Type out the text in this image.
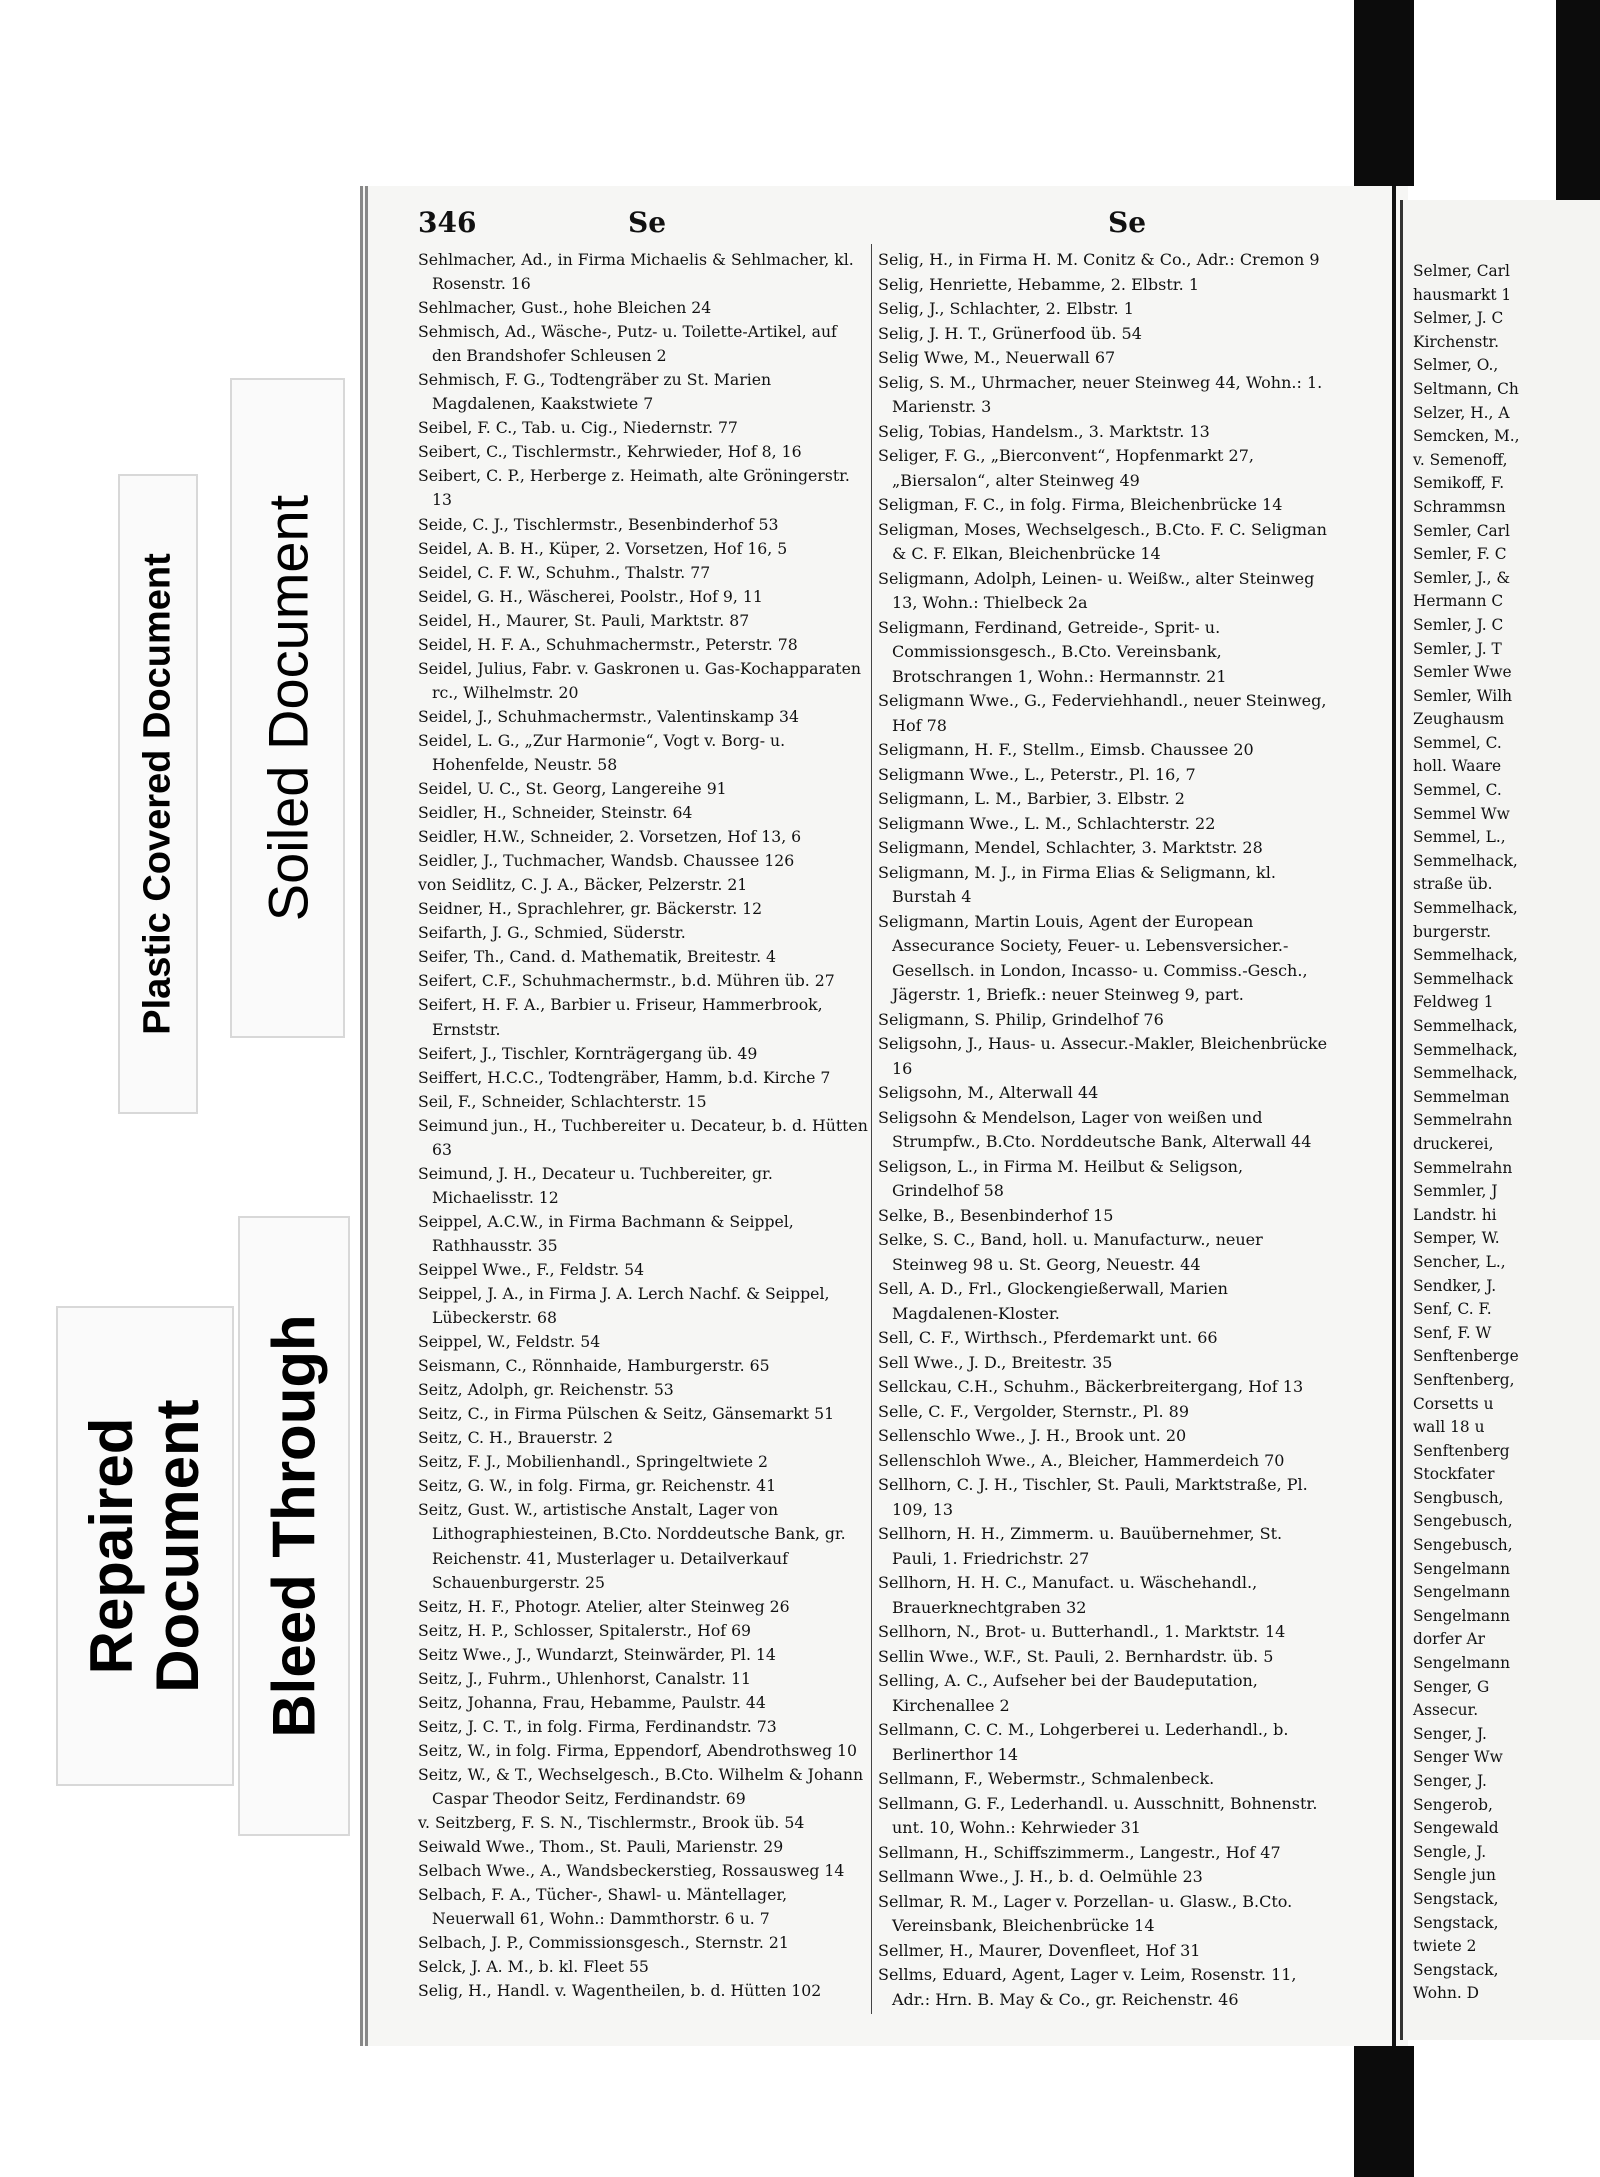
Plastic Covered Document Soiled Document
Repaired Document Bleed Through
346	Se	Se
Sehlmacher, Ad., in Firma Michaelis & Sehlmacher, kl. Rosenstr. 16
Sehlmacher, Gust., hohe Bleichen 24
Sehmisch, Ad., Wäsche-, Putz- u. Toilette-Artikel, auf den Brandshofer Schleusen 2
Sehmisch, F. G., Todtengräber zu St. Marien Magdalenen, Kaakstwiete 7
Seibel, F. C., Tab. u. Cig., Niedernstr. 77
Seibert, C., Tischlermstr., Kehrwieder, Hof 8, 16
Seibert, C. P., Herberge z. Heimath, alte Gröningerstr. 13
Seide, C. J., Tischlermstr., Besenbinderhof 53
Seidel, A. B. H., Küper, 2. Vorsetzen, Hof 16, 5
Seidel, C. F. W., Schuhm., Thalstr. 77
Seidel, G. H., Wäscherei, Poolstr., Hof 9, 11
Seidel, H., Maurer, St. Pauli, Marktstr. 87
Seidel, H. F. A., Schuhmachermstr., Peterstr. 78
Seidel, Julius, Fabr. v. Gaskronen u. Gas-Kochapparaten rc., Wilhelmstr. 20
Seidel, J., Schuhmachermstr., Valentinskamp 34
Seidel, L. G., „Zur Harmonie“, Vogt v. Borg- u. Hohenfelde, Neustr. 58
Seidel, U. C., St. Georg, Langereihe 91
Seidler, H., Schneider, Steinstr. 64
Seidler, H.W., Schneider, 2. Vorsetzen, Hof 13, 6
Seidler, J., Tuchmacher, Wandsb. Chaussee 126
von Seidlitz, C. J. A., Bäcker, Pelzerstr. 21
Seidner, H., Sprachlehrer, gr. Bäckerstr. 12
Seifarth, J. G., Schmied, Süderstr.
Seifer, Th., Cand. d. Mathematik, Breitestr. 4
Seifert, C.F., Schuhmachermstr., b.d. Mühren üb. 27
Seifert, H. F. A., Barbier u. Friseur, Hammerbrook, Ernststr.
Seifert, J., Tischler, Kornträgergang üb. 49
Seiffert, H.C.C., Todtengräber, Hamm, b.d. Kirche 7
Seil, F., Schneider, Schlachterstr. 15
Seimund jun., H., Tuchbereiter u. Decateur, b. d. Hütten 63
Seimund, J. H., Decateur u. Tuchbereiter, gr. Michaelisstr. 12
Seippel, A.C.W., in Firma Bachmann & Seippel, Rathhausstr. 35
Seippel Wwe., F., Feldstr. 54
Seippel, J. A., in Firma J. A. Lerch Nachf. & Seippel, Lübeckerstr. 68
Seippel, W., Feldstr. 54
Seismann, C., Rönnhaide, Hamburgerstr. 65
Seitz, Adolph, gr. Reichenstr. 53
Seitz, C., in Firma Pülschen & Seitz, Gänsemarkt 51
Seitz, C. H., Brauerstr. 2
Seitz, F. J., Mobilienhandl., Springeltwiete 2
Seitz, G. W., in folg. Firma, gr. Reichenstr. 41
Seitz, Gust. W., artistische Anstalt, Lager von Lithographiesteinen, B.Cto. Norddeutsche Bank, gr. Reichenstr. 41, Musterlager u. Detailverkauf Schauenburgerstr. 25
Seitz, H. F., Photogr. Atelier, alter Steinweg 26
Seitz, H. P., Schlosser, Spitalerstr., Hof 69
Seitz Wwe., J., Wundarzt, Steinwärder, Pl. 14
Seitz, J., Fuhrm., Uhlenhorst, Canalstr. 11
Seitz, Johanna, Frau, Hebamme, Paulstr. 44
Seitz, J. C. T., in folg. Firma, Ferdinandstr. 73
Seitz, W., in folg. Firma, Eppendorf, Abendrothsweg 10
Seitz, W., & T., Wechselgesch., B.Cto. Wilhelm & Johann Caspar Theodor Seitz, Ferdinandstr. 69
v. Seitzberg, F. S. N., Tischlermstr., Brook üb. 54
Seiwald Wwe., Thom., St. Pauli, Marienstr. 29
Selbach Wwe., A., Wandsbeckerstieg, Rossausweg 14
Selbach, F. A., Tücher-, Shawl- u. Mäntellager, Neuerwall 61, Wohn.: Dammthorstr. 6 u. 7
Selbach, J. P., Commissionsgesch., Sternstr. 21
Selck, J. A. M., b. kl. Fleet 55
Selig, H., Handl. v. Wagentheilen, b. d. Hütten 102
Selig, H., in Firma H. M. Conitz & Co., Adr.: Cremon 9
Selig, Henriette, Hebamme, 2. Elbstr. 1
Selig, J., Schlachter, 2. Elbstr. 1
Selig, J. H. T., Grünerfood üb. 54
Selig Wwe, M., Neuerwall 67
Selig, S. M., Uhrmacher, neuer Steinweg 44, Wohn.: 1. Marienstr. 3
Selig, Tobias, Handelsm., 3. Marktstr. 13
Seliger, F. G., „Bierconvent“, Hopfenmarkt 27, „Biersalon“, alter Steinweg 49
Seligman, F. C., in folg. Firma, Bleichenbrücke 14
Seligman, Moses, Wechselgesch., B.Cto. F. C. Seligman & C. F. Elkan, Bleichenbrücke 14
Seligmann, Adolph, Leinen- u. Weißw., alter Steinweg 13, Wohn.: Thielbeck 2a
Seligmann, Ferdinand, Getreide-, Sprit- u. Commissionsgesch., B.Cto. Vereinsbank, Brotschrangen 1, Wohn.: Hermannstr. 21
Seligmann Wwe., G., Federviehhandl., neuer Steinweg, Hof 78
Seligmann, H. F., Stellm., Eimsb. Chaussee 20
Seligmann Wwe., L., Peterstr., Pl. 16, 7
Seligmann, L. M., Barbier, 3. Elbstr. 2
Seligmann Wwe., L. M., Schlachterstr. 22
Seligmann, Mendel, Schlachter, 3. Marktstr. 28
Seligmann, M. J., in Firma Elias & Seligmann, kl. Burstah 4
Seligmann, Martin Louis, Agent der European Assecurance Society, Feuer- u. Lebensversicher.-Gesellsch. in London, Incasso- u. Commiss.-Gesch., Jägerstr. 1, Briefk.: neuer Steinweg 9, part.
Seligmann, S. Philip, Grindelhof 76
Seligsohn, J., Haus- u. Assecur.-Makler, Bleichenbrücke 16
Seligsohn, M., Alterwall 44
Seligsohn & Mendelson, Lager von weißen und Strumpfw., B.Cto. Norddeutsche Bank, Alterwall 44
Seligson, L., in Firma M. Heilbut & Seligson, Grindelhof 58
Selke, B., Besenbinderhof 15
Selke, S. C., Band, holl. u. Manufacturw., neuer Steinweg 98 u. St. Georg, Neuestr. 44
Sell, A. D., Frl., Glockengießerwall, Marien Magdalenen-Kloster.
Sell, C. F., Wirthsch., Pferdemarkt unt. 66
Sell Wwe., J. D., Breitestr. 35
Sellckau, C.H., Schuhm., Bäckerbreitergang, Hof 13
Selle, C. F., Vergolder, Sternstr., Pl. 89
Sellenschlo Wwe., J. H., Brook unt. 20
Sellenschloh Wwe., A., Bleicher, Hammerdeich 70
Sellhorn, C. J. H., Tischler, St. Pauli, Marktstraße, Pl. 109, 13
Sellhorn, H. H., Zimmerm. u. Bauübernehmer, St. Pauli, 1. Friedrichstr. 27
Sellhorn, H. H. C., Manufact. u. Wäschehandl., Brauerknechtgraben 32
Sellhorn, N., Brot- u. Butterhandl., 1. Marktstr. 14
Sellin Wwe., W.F., St. Pauli, 2. Bernhardstr. üb. 5
Selling, A. C., Aufseher bei der Baudeputation, Kirchenallee 2
Sellmann, C. C. M., Lohgerberei u. Lederhandl., b. Berlinerthor 14
Sellmann, F., Webermstr., Schmalenbeck.
Sellmann, G. F., Lederhandl. u. Ausschnitt, Bohnenstr. unt. 10, Wohn.: Kehrwieder 31
Sellmann, H., Schiffszimmerm., Langestr., Hof 47
Sellmann Wwe., J. H., b. d. Oelmühle 23
Sellmar, R. M., Lager v. Porzellan- u. Glasw., B.Cto. Vereinsbank, Bleichenbrücke 14
Sellmer, H., Maurer, Dovenfleet, Hof 31
Sellms, Eduard, Agent, Lager v. Leim, Rosenstr. 11, Adr.: Hrn. B. May & Co., gr. Reichenstr. 46
Selmer, Carl
hausmarkt 1
Selmer, J. C
Kirchenstr.
Selmer, O.,
Seltmann, Ch
Selzer, H., A
Semcken, M.,
v. Semenoff,
Semikoff, F.
Schrammsn
Semler, Carl
Semler, F. C
Semler, J., &
Hermann C
Semler, J. C
Semler, J. T
Semler Wwe
Semler, Wilh
Zeughausm
Semmel, C.
holl. Waare
Semmel, C.
Semmel Ww
Semmel, L.,
Semmelhack,
straße üb.
Semmelhack,
burgerstr.
Semmelhack,
Semmelhack
Feldweg 1
Semmelhack,
Semmelhack,
Semmelhack,
Semmelman
Semmelrahn
druckerei,
Semmelrahn
Semmler, J
Landstr. hi
Semper, W.
Sencher, L.,
Sendker, J.
Senf, C. F.
Senf, F. W
Senftenberge
Senftenberg,
Corsetts u
wall 18 u
Senftenberg
Stockfater
Sengbusch,
Sengebusch,
Sengebusch,
Sengelmann
Sengelmann
Sengelmann
dorfer Ar
Sengelmann
Senger, G
Assecur.
Senger, J.
Senger Ww
Senger, J.
Sengerob,
Sengewald
Sengle, J.
Sengle jun
Sengstack,
Sengstack,
twiete 2
Sengstack,
Wohn. D
